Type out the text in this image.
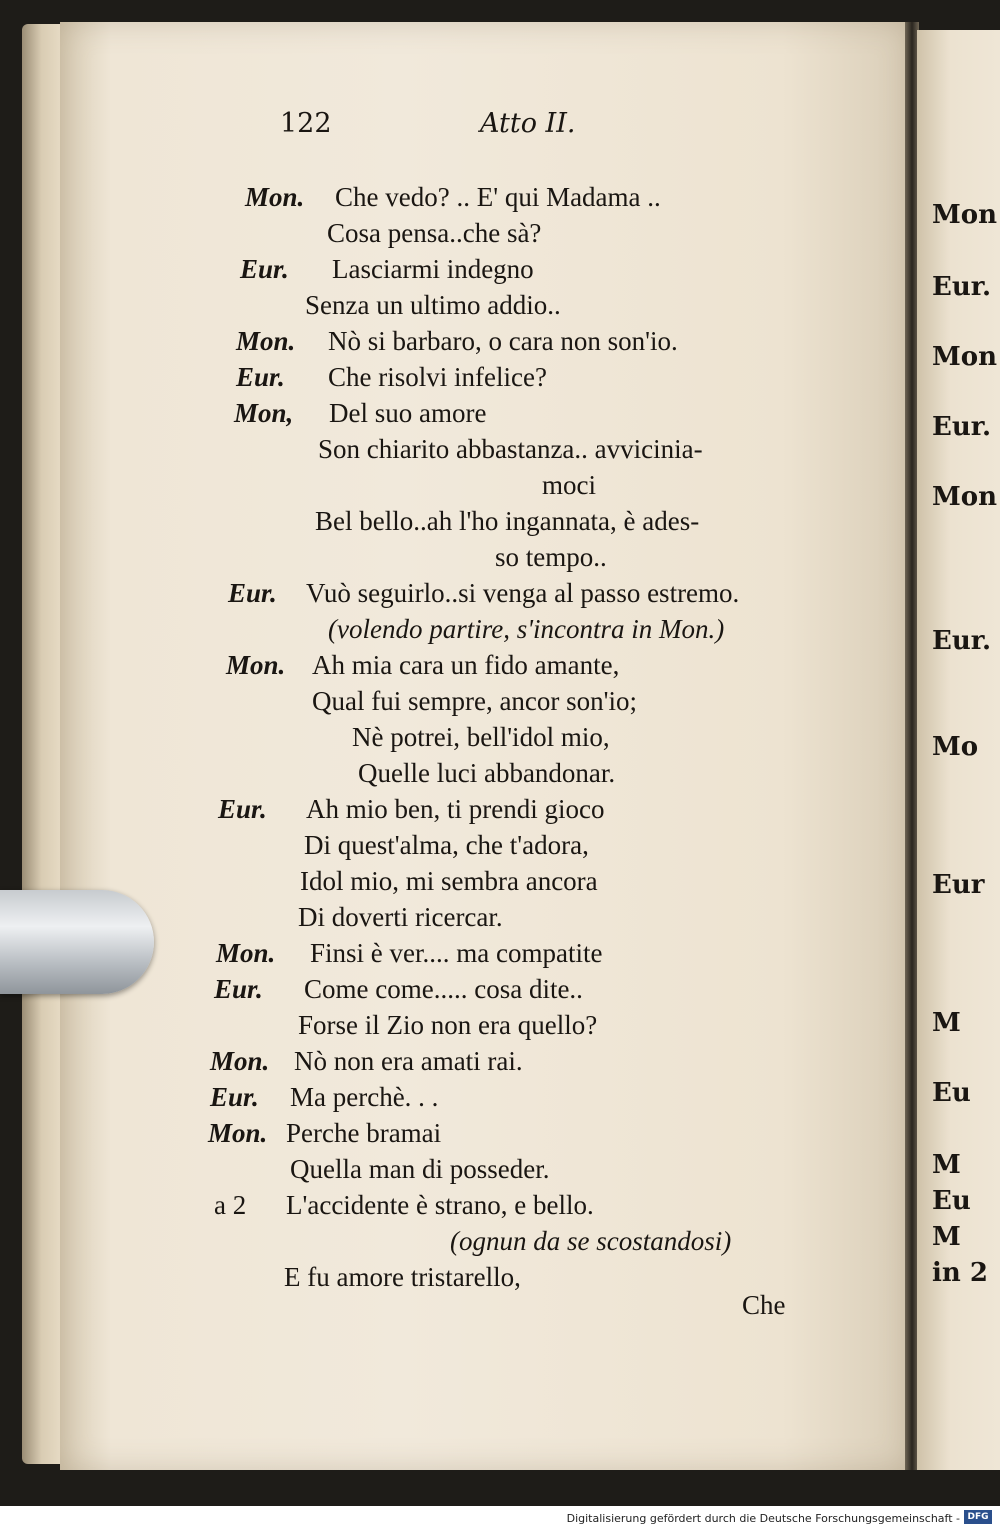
122	Atto II.
Mon. Che vedo? .. E' qui Madama ..
Cosa pensa..che sà?
Eur. Lasciarmi indegno
Senza un ultimo addio..
Mon. Nò si barbaro, o cara non son'io.
Eur. Che risolvi infelice?
Mon, Del suo amore
Son chiarito abbastanza.. avvicinia-
moci
Bel bello..ah l'ho ingannata, è ades-
so tempo..
Eur. Vuò seguirlo..si venga al passo estremo.
(volendo partire, s'incontra in Mon.)
Mon. Ah mia cara un fido amante,
Qual fui sempre, ancor son'io;
Nè potrei, bell'idol mio,
Quelle luci abbandonar.
Eur. Ah mio ben, ti prendi gioco
Di quest'alma, che t'adora,
Idol mio, mi sembra ancora
Di doverti ricercar.
Mon. Finsi è ver.... ma compatite
Eur. Come come..... cosa dite..
Forse il Zio non era quello?
Mon. Nò non era amati rai.
Eur. Ma perchè. . .
Mon. Perche bramai
Quella man di posseder.
a 2 L'accidente è strano, e bello.
(ognun da se scostandosi)
E fu amore tristarello,
Che
Mon
Eur.
Mon
Eur.
Mon
Eur.
Mo
Eur
M
Eu
M
Eu
M
in 2
Digitalisierung gefördert durch die Deutsche Forschungsgemeinschaft - DFG
